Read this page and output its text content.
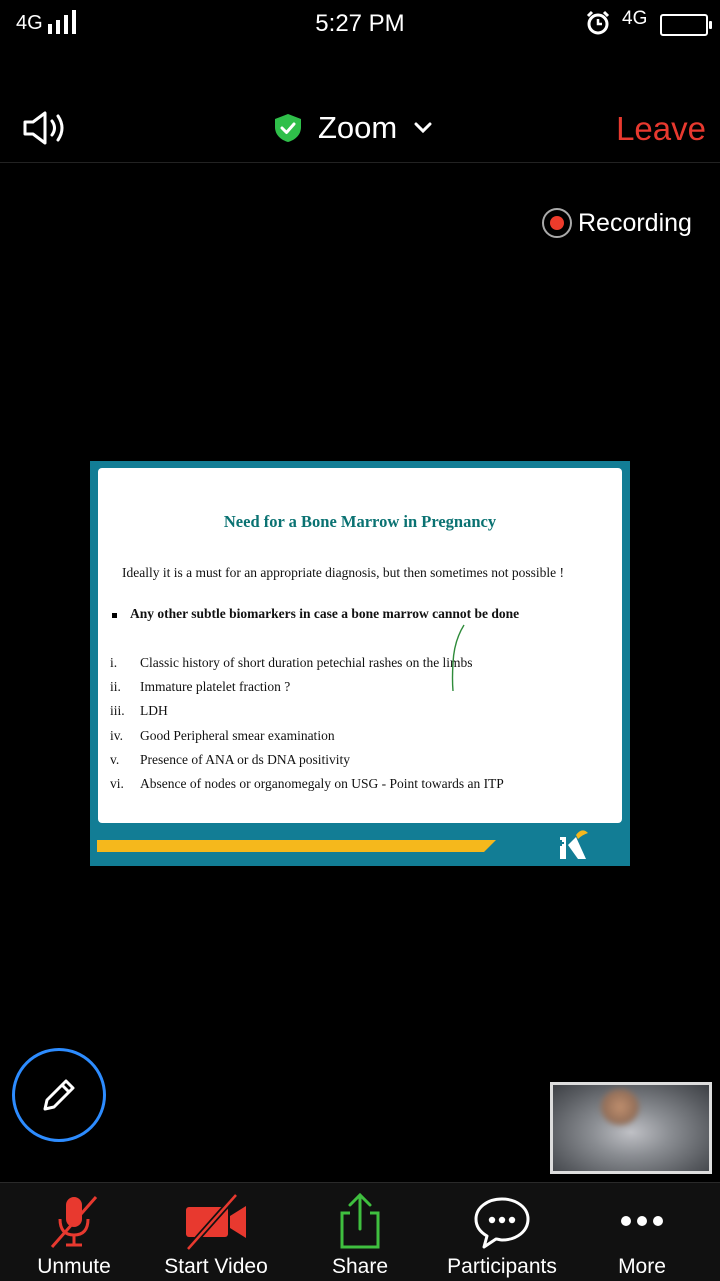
4G	5:27 PM	4G
Zoom	Leave
Recording
Need for a Bone Marrow in Pregnancy
Ideally it is a must for an appropriate diagnosis, but then sometimes not possible !
Any other subtle biomarkers in case a bone marrow cannot be done
i. Classic history of short duration petechial rashes on the limbs
ii. Immature platelet fraction ?
iii. LDH
iv. Good Peripheral smear examination
v. Presence of ANA or ds DNA positivity
vi. Absence of nodes or organomegaly on USG - Point towards an ITP
Unmute	Start Video	Share	Participants	More
